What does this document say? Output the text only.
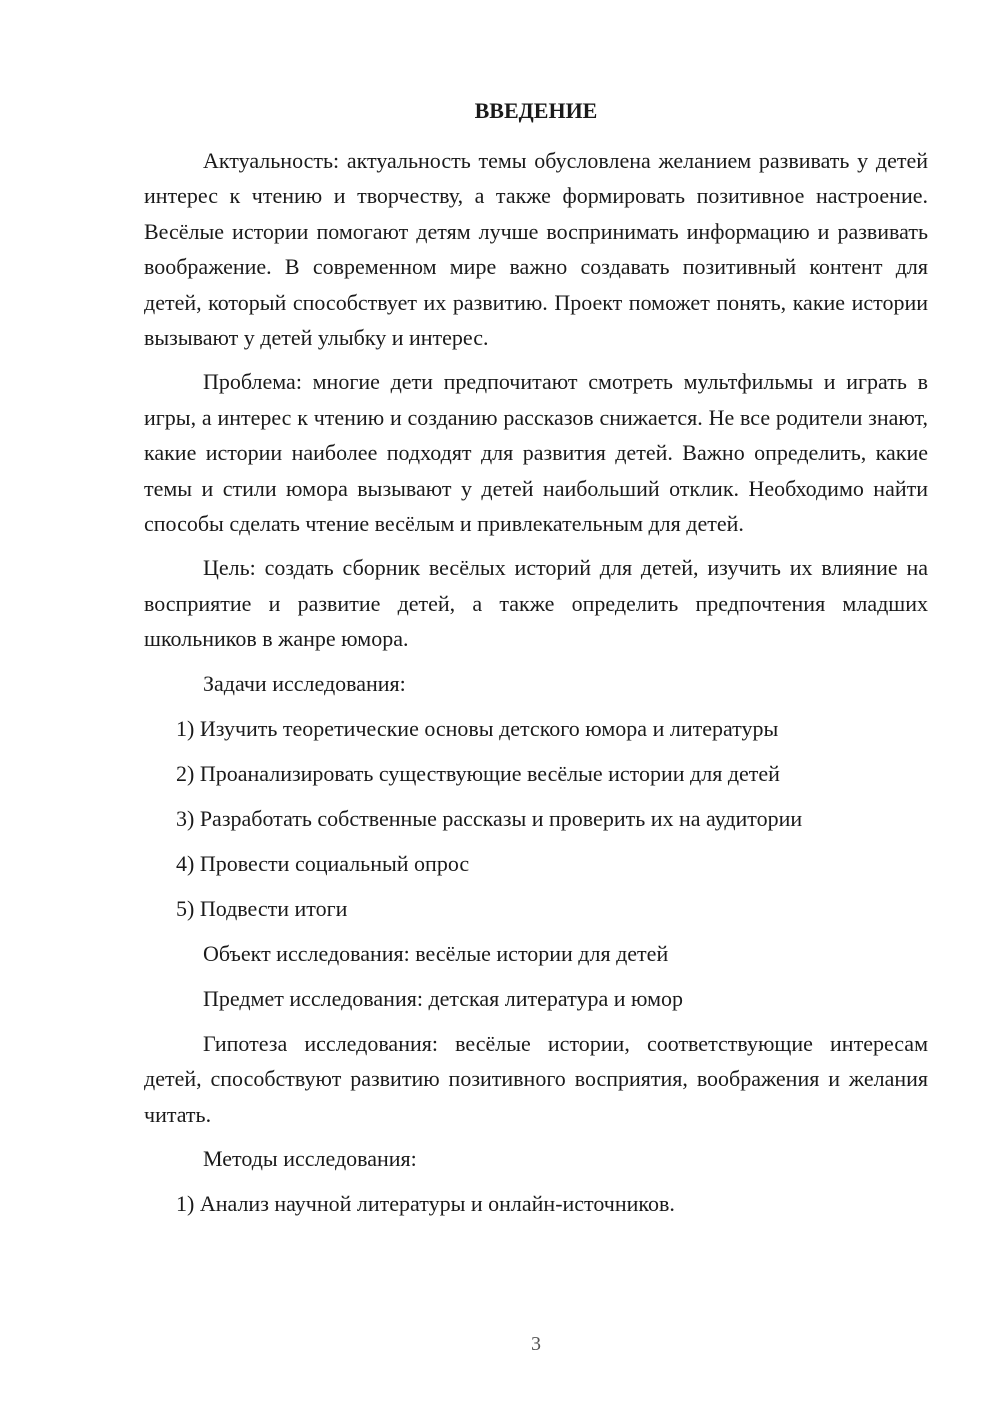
ВВЕДЕНИЕ

Актуальность: актуальность темы обусловлена желанием развивать у детей интерес к чтению и творчеству, а также формировать позитивное настроение. Весёлые истории помогают детям лучше воспринимать информацию и развивать воображение. В современном мире важно создавать позитивный контент для детей, который способствует их развитию. Проект поможет понять, какие истории вызывают у детей улыбку и интерес.

Проблема: многие дети предпочитают смотреть мультфильмы и играть в игры, а интерес к чтению и созданию рассказов снижается. Не все родители знают, какие истории наиболее подходят для развития детей. Важно определить, какие темы и стили юмора вызывают у детей наибольший отклик. Необходимо найти способы сделать чтение весёлым и привлекательным для детей.

Цель: создать сборник весёлых историй для детей, изучить их влияние на восприятие и развитие детей, а также определить предпочтения младших школьников в жанре юмора.

Задачи исследования:
1) Изучить теоретические основы детского юмора и литературы
2) Проанализировать существующие весёлые истории для детей
3) Разработать собственные рассказы и проверить их на аудитории
4) Провести социальный опрос
5) Подвести итоги
Объект исследования: весёлые истории для детей
Предмет исследования: детская литература и юмор

Гипотеза исследования: весёлые истории, соответствующие интересам детей, способствуют развитию позитивного восприятия, воображения и желания читать.

Методы исследования:
1) Анализ научной литературы и онлайн-источников.
3
